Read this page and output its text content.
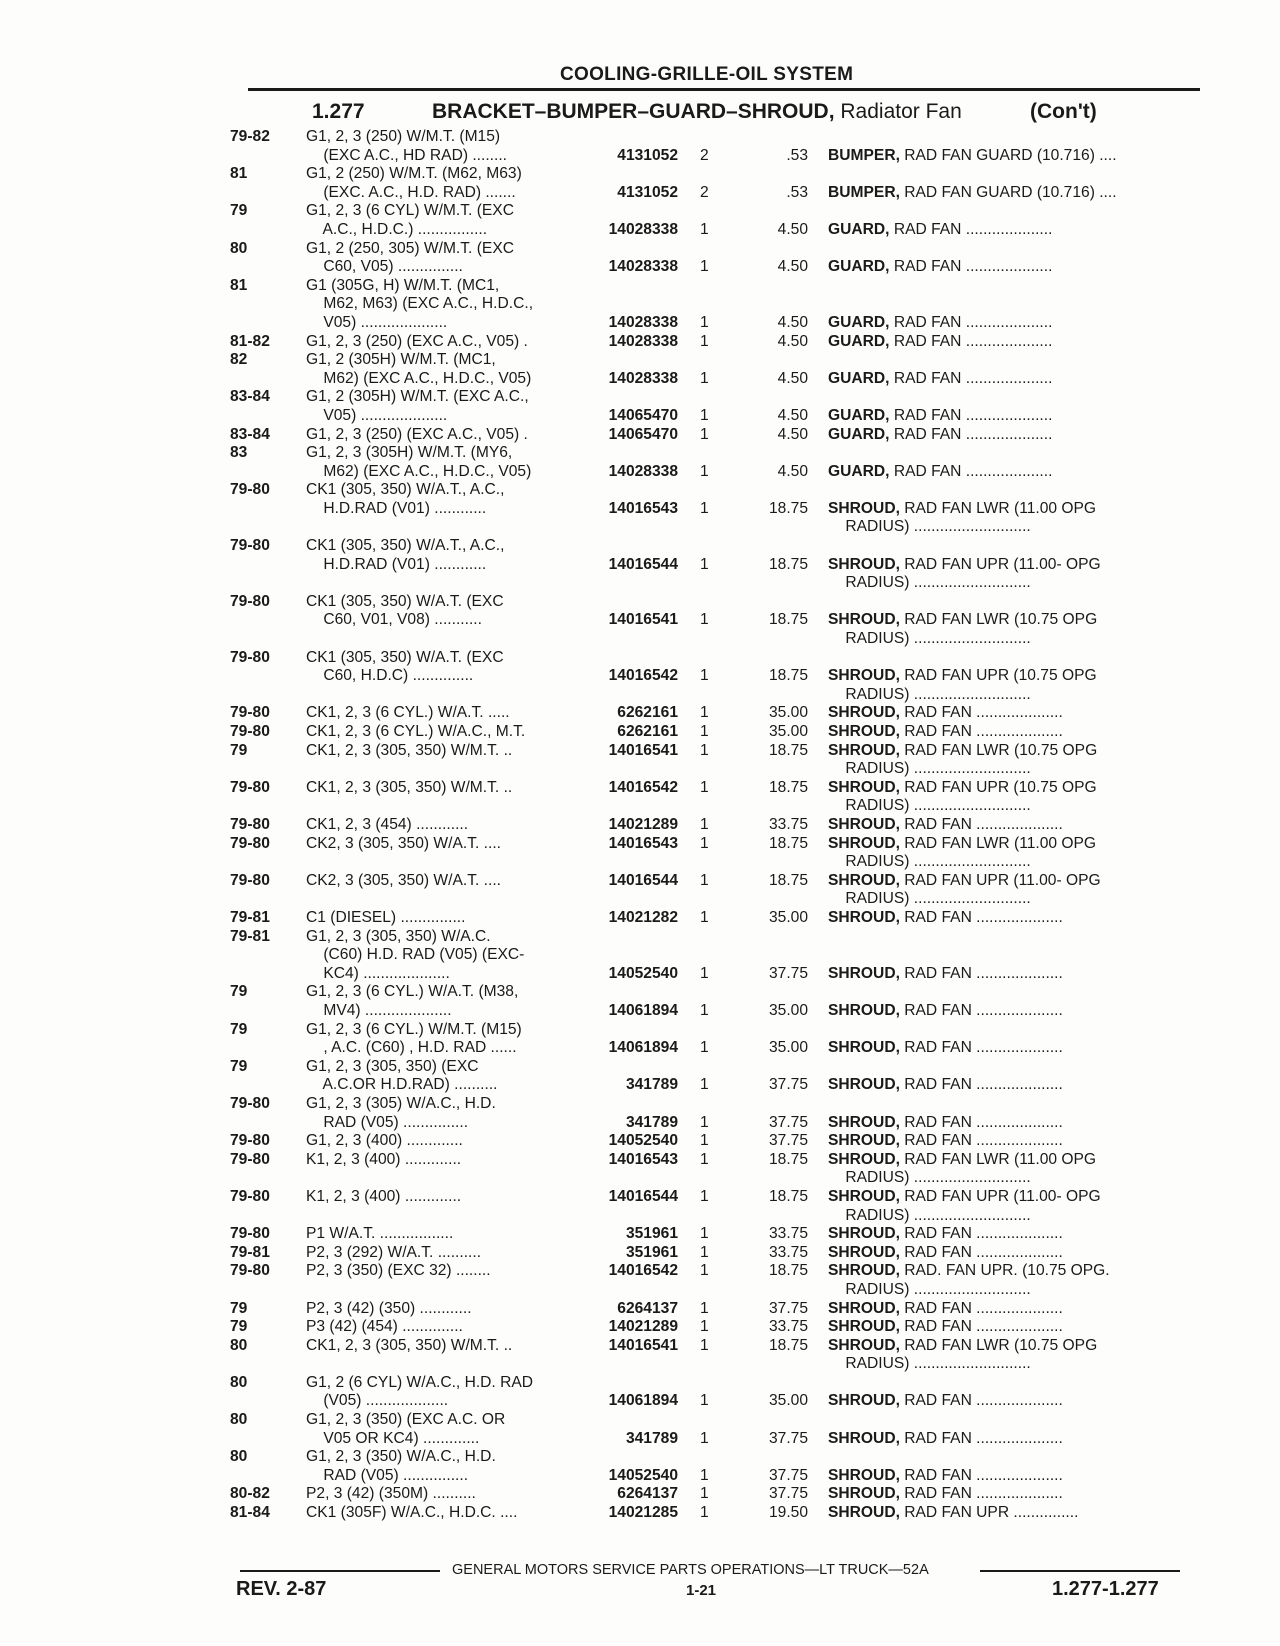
COOLING-GRILLE-OIL SYSTEM
1.277	BRACKET–BUMPER–GUARD–SHROUD, Radiator Fan	(Con't)
79-82 G1, 2, 3 (250) W/M.T. (M15)
(EXC A.C., HD RAD) ........	4131052 2	.53 BUMPER, RAD FAN GUARD (10.716) ....
81	G1, 2 (250) W/M.T. (M62, M63)
(EXC. A.C., H.D. RAD) .......	4131052 2	.53 BUMPER, RAD FAN GUARD (10.716) ....
79	G1, 2, 3 (6 CYL) W/M.T. (EXC
A.C., H.D.C.) ................	14028338 1	4.50 GUARD, RAD FAN ....................
80	G1, 2 (250, 305) W/M.T. (EXC
C60, V05) ...............	14028338 1	4.50 GUARD, RAD FAN ....................
81	G1 (305G, H) W/M.T. (MC1,
M62, M63) (EXC A.C., H.D.C.,
V05) ....................	14028338 1	4.50 GUARD, RAD FAN ....................
81-82 G1, 2, 3 (250) (EXC A.C., V05) .	14028338 1	4.50 GUARD, RAD FAN ....................
82	G1, 2 (305H) W/M.T. (MC1,
M62) (EXC A.C., H.D.C., V05)	14028338 1	4.50 GUARD, RAD FAN ....................
83-84 G1, 2 (305H) W/M.T. (EXC A.C.,
V05) ....................	14065470 1	4.50 GUARD, RAD FAN ....................
83-84 G1, 2, 3 (250) (EXC A.C., V05) .	14065470 1	4.50 GUARD, RAD FAN ....................
83	G1, 2, 3 (305H) W/M.T. (MY6,
M62) (EXC A.C., H.D.C., V05)	14028338 1	4.50 GUARD, RAD FAN ....................
79-80 CK1 (305, 350) W/A.T., A.C.,
H.D.RAD (V01) ............	14016543 1	18.75 SHROUD, RAD FAN LWR (11.00 OPG
RADIUS) ...........................
79-80 CK1 (305, 350) W/A.T., A.C.,
H.D.RAD (V01) ............	14016544 1	18.75 SHROUD, RAD FAN UPR (11.00- OPG
RADIUS) ...........................
79-80 CK1 (305, 350) W/A.T. (EXC
C60, V01, V08) ...........	14016541 1	18.75 SHROUD, RAD FAN LWR (10.75 OPG
RADIUS) ...........................
79-80 CK1 (305, 350) W/A.T. (EXC
C60, H.D.C) ..............	14016542 1	18.75 SHROUD, RAD FAN UPR (10.75 OPG
RADIUS) ...........................
79-80 CK1, 2, 3 (6 CYL.) W/A.T. .....	6262161 1	35.00 SHROUD, RAD FAN ....................
79-80 CK1, 2, 3 (6 CYL.) W/A.C., M.T.	6262161 1	35.00 SHROUD, RAD FAN ....................
79	CK1, 2, 3 (305, 350) W/M.T. ..	14016541 1	18.75 SHROUD, RAD FAN LWR (10.75 OPG
RADIUS) ...........................
79-80 CK1, 2, 3 (305, 350) W/M.T. ..	14016542 1	18.75 SHROUD, RAD FAN UPR (10.75 OPG
RADIUS) ...........................
79-80 CK1, 2, 3 (454) ............	14021289 1	33.75 SHROUD, RAD FAN ....................
79-80 CK2, 3 (305, 350) W/A.T. ....	14016543 1	18.75 SHROUD, RAD FAN LWR (11.00 OPG
RADIUS) ...........................
79-80 CK2, 3 (305, 350) W/A.T. ....	14016544 1	18.75 SHROUD, RAD FAN UPR (11.00- OPG
RADIUS) ...........................
79-81 C1 (DIESEL) ...............	14021282 1	35.00 SHROUD, RAD FAN ....................
79-81 G1, 2, 3 (305, 350) W/A.C.
(C60) H.D. RAD (V05) (EXC-
KC4) ....................	14052540 1	37.75 SHROUD, RAD FAN ....................
79	G1, 2, 3 (6 CYL.) W/A.T. (M38,
MV4) ....................	14061894 1	35.00 SHROUD, RAD FAN ....................
79	G1, 2, 3 (6 CYL.) W/M.T. (M15)
, A.C. (C60) , H.D. RAD ......	14061894 1	35.00 SHROUD, RAD FAN ....................
79	G1, 2, 3 (305, 350) (EXC
A.C.OR H.D.RAD) ..........	341789 1	37.75 SHROUD, RAD FAN ....................
79-80 G1, 2, 3 (305) W/A.C., H.D.
RAD (V05) ...............	341789 1	37.75 SHROUD, RAD FAN ....................
79-80 G1, 2, 3 (400) .............	14052540 1	37.75 SHROUD, RAD FAN ....................
79-80 K1, 2, 3 (400) .............	14016543 1	18.75 SHROUD, RAD FAN LWR (11.00 OPG
RADIUS) ...........................
79-80 K1, 2, 3 (400) .............	14016544 1	18.75 SHROUD, RAD FAN UPR (11.00- OPG
RADIUS) ...........................
79-80 P1 W/A.T. .................	351961 1	33.75 SHROUD, RAD FAN ....................
79-81 P2, 3 (292) W/A.T. ..........	351961 1	33.75 SHROUD, RAD FAN ....................
79-80 P2, 3 (350) (EXC 32) ........	14016542 1	18.75 SHROUD, RAD. FAN UPR. (10.75 OPG.
RADIUS) ...........................
79	P2, 3 (42) (350) ............	6264137 1	37.75 SHROUD, RAD FAN ....................
79	P3 (42) (454) ..............	14021289 1	33.75 SHROUD, RAD FAN ....................
80	CK1, 2, 3 (305, 350) W/M.T. ..	14016541 1	18.75 SHROUD, RAD FAN LWR (10.75 OPG
RADIUS) ...........................
80	G1, 2 (6 CYL) W/A.C., H.D. RAD
(V05) ...................	14061894 1	35.00 SHROUD, RAD FAN ....................
80	G1, 2, 3 (350) (EXC A.C. OR
V05 OR KC4) .............	341789 1	37.75 SHROUD, RAD FAN ....................
80	G1, 2, 3 (350) W/A.C., H.D.
RAD (V05) ...............	14052540 1	37.75 SHROUD, RAD FAN ....................
80-82 P2, 3 (42) (350M) ..........	6264137 1	37.75 SHROUD, RAD FAN ....................
81-84 CK1 (305F) W/A.C., H.D.C. ....	14021285 1	19.50 SHROUD, RAD FAN UPR ...............
GENERAL MOTORS SERVICE PARTS OPERATIONS—LT TRUCK—52A
REV. 2-87	1-21	1.277-1.277
